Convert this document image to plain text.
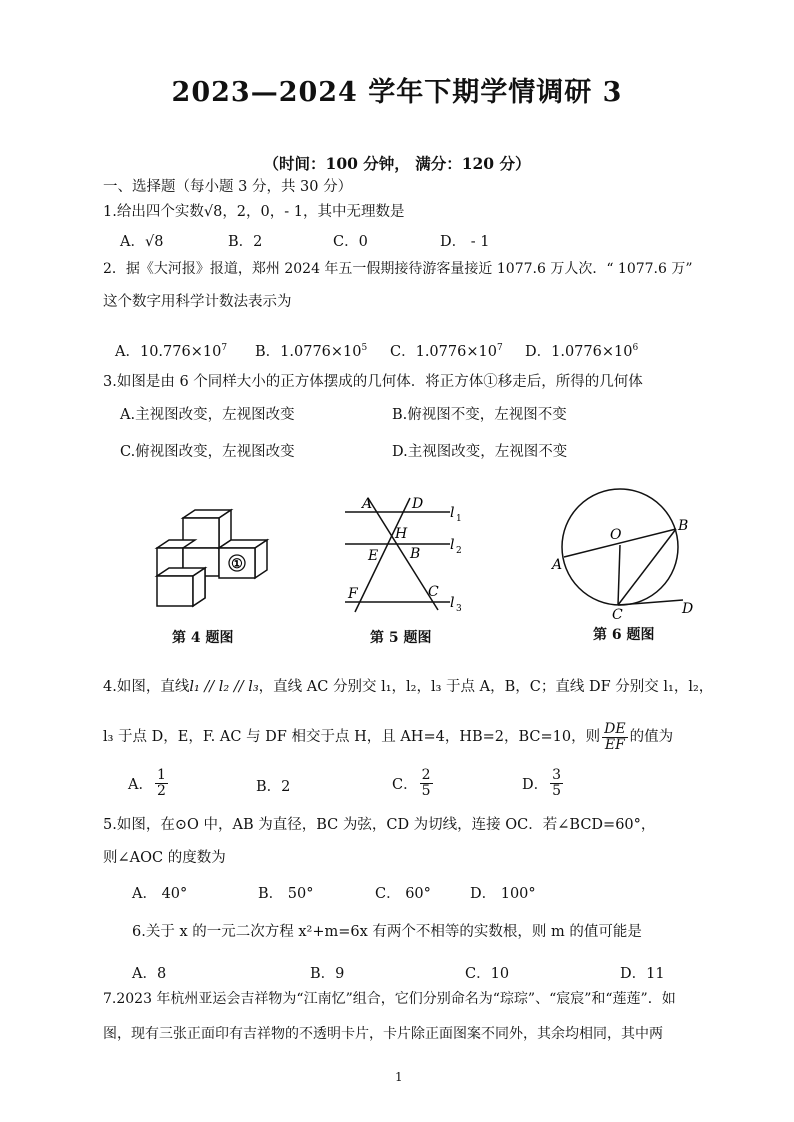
2023—2024 学年下期学情调研 3
（时间：100 分钟， 满分：120 分）
一、选择题（每小题 3 分，共 30 分）
1.给出四个实数√8，2，0，- 1，其中无理数是
A．√8	B．2	C．0	D． - 1
2．据《大河报》报道，郑州 2024 年五一假期接待游客量接近 1077.6 万人次．“ 1077.6 万”
这个数字用科学计数法表示为
A．$10.776\times 10^7$ B．$1.0776\times 10^5$ C．$1.0776\times 10^7$ D．$1.0776\times 10^6$
3.如图是由 6 个同样大小的正方体摆成的几何体．将正方体①移走后，所得的几何体
A.主视图改变，左视图改变	B.俯视图不变，左视图不变
C.俯视图改变，左视图改变	D.主视图改变，左视图不变
①
第 4 题图
A	D
l 1
H
E B
l 2
F	C
l 3
第 5 题图
O
B
A
C	D
第 6 题图
4.如图，直线l₁ // l₂ // l₃，直线 AC 分别交 l₁，l₂，l₃ 于点 A，B，C；直线 DF 分别交 l₁，l₂，
l₃ 于点 D，E，F. AC 与 DF 相交于点 H，且 AH=4，HB=2，BC=10，则 $\frac{DE}{EF}$ 的值为
A． $\frac{1}{2}$	B．2	C． $\frac{2}{5}$	D． $\frac{3}{5}$
5.如图，在⊙O 中，AB 为直径，BC 为弦，CD 为切线，连接 OC．若∠BCD=60°，
则∠AOC 的度数为
A． 40°	B． 50°	C． 60°	D． 100°
6.关于 x 的一元二次方程 x²+m=6x 有两个不相等的实数根，则 m 的值可能是
A．8	B．9	C．10	D．11
7.2023 年杭州亚运会吉祥物为“江南忆”组合，它们分别命名为“琮琮”、“宸宸”和“莲莲”．如
图，现有三张正面印有吉祥物的不透明卡片，卡片除正面图案不同外，其余均相同，其中两
1
